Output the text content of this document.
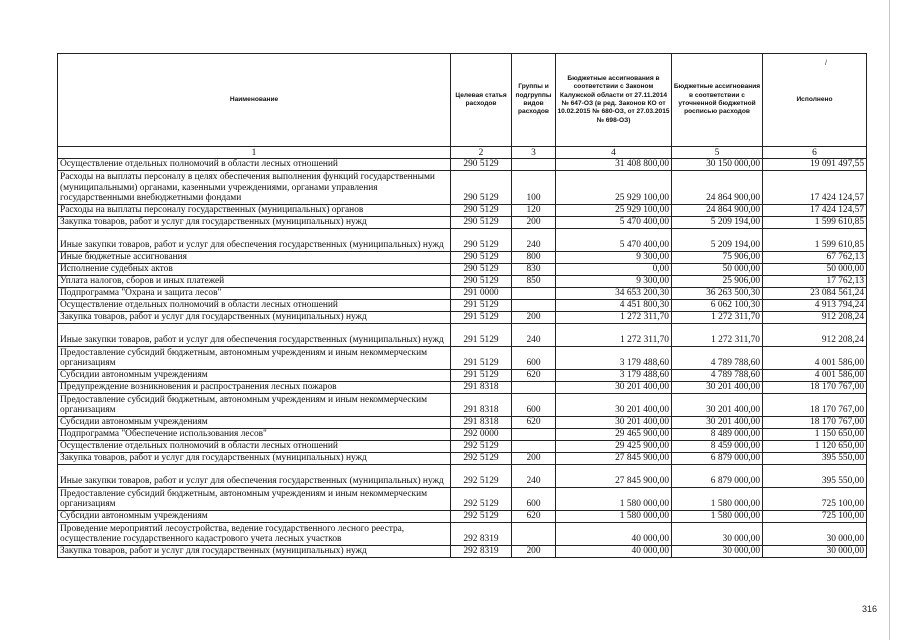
/
Наименование	Целевая статья расходов	Группы и подгруппы видов расходов	Бюджетные ассигнования в соответствии с Законом Калужской области от 27.11.2014 № 647-ОЗ (в ред. Законов КО от 10.02.2015 № 680-ОЗ, от 27.03.2015 № 698-ОЗ)	Бюджетные ассигнования в соответствии с уточненной бюджетной росписью расходов	Исполнено
1	2	3	4	5	6
Осуществление отдельных полномочий в области лесных отношений	290 5129		31 408 800,00	30 150 000,00	19 091 497,55
Расходы на выплаты персоналу в целях обеспечения выполнения функций государственными (муниципальными) органами, казенными учреждениями, органами управления государственными внебюджетными фондами	290 5129	100	25 929 100,00	24 864 900,00	17 424 124,57
Расходы на выплаты персоналу государственных (муниципальных) органов	290 5129	120	25 929 100,00	24 864 900,00	17 424 124,57
Закупка товаров, работ и услуг для государственных (муниципальных) нужд	290 5129	200	5 470 400,00	5 209 194,00	1 599 610,85
Иные закупки товаров, работ и услуг для обеспечения государственных (муниципальных) нужд	290 5129	240	5 470 400,00	5 209 194,00	1 599 610,85
Иные бюджетные ассигнования	290 5129	800	9 300,00	75 906,00	67 762,13
Исполнение судебных актов	290 5129	830	0,00	50 000,00	50 000,00
Уплата налогов, сборов и иных платежей	290 5129	850	9 300,00	25 906,00	17 762,13
Подпрограмма "Охрана и защита лесов"	291 0000		34 653 200,30	36 263 500,30	23 084 561,24
Осуществление отдельных полномочий в области лесных отношений	291 5129		4 451 800,30	6 062 100,30	4 913 794,24
Закупка товаров, работ и услуг для государственных (муниципальных) нужд	291 5129	200	1 272 311,70	1 272 311,70	912 208,24
Иные закупки товаров, работ и услуг для обеспечения государственных (муниципальных) нужд	291 5129	240	1 272 311,70	1 272 311,70	912 208,24
Предоставление субсидий бюджетным, автономным учреждениям и иным некоммерческим организациям	291 5129	600	3 179 488,60	4 789 788,60	4 001 586,00
Субсидии автономным учреждениям	291 5129	620	3 179 488,60	4 789 788,60	4 001 586,00
Предупреждение возникновения и распространения лесных пожаров	291 8318		30 201 400,00	30 201 400,00	18 170 767,00
Предоставление субсидий бюджетным, автономным учреждениям и иным некоммерческим организациям	291 8318	600	30 201 400,00	30 201 400,00	18 170 767,00
Субсидии автономным учреждениям	291 8318	620	30 201 400,00	30 201 400,00	18 170 767,00
Подпрограмма "Обеспечение использования лесов"	292 0000		29 465 900,00	8 489 000,00	1 150 650,00
Осуществление отдельных полномочий в области лесных отношений	292 5129		29 425 900,00	8 459 000,00	1 120 650,00
Закупка товаров, работ и услуг для государственных (муниципальных) нужд	292 5129	200	27 845 900,00	6 879 000,00	395 550,00
Иные закупки товаров, работ и услуг для обеспечения государственных (муниципальных) нужд	292 5129	240	27 845 900,00	6 879 000,00	395 550,00
Предоставление субсидий бюджетным, автономным учреждениям и иным некоммерческим организациям	292 5129	600	1 580 000,00	1 580 000,00	725 100,00
Субсидии автономным учреждениям	292 5129	620	1 580 000,00	1 580 000,00	725 100,00
Проведение мероприятий лесоустройства, ведение государственного лесного реестра, осуществление государственного кадастрового учета лесных участков	292 8319		40 000,00	30 000,00	30 000,00
Закупка товаров, работ и услуг для государственных (муниципальных) нужд	292 8319	200	40 000,00	30 000,00	30 000,00
316
